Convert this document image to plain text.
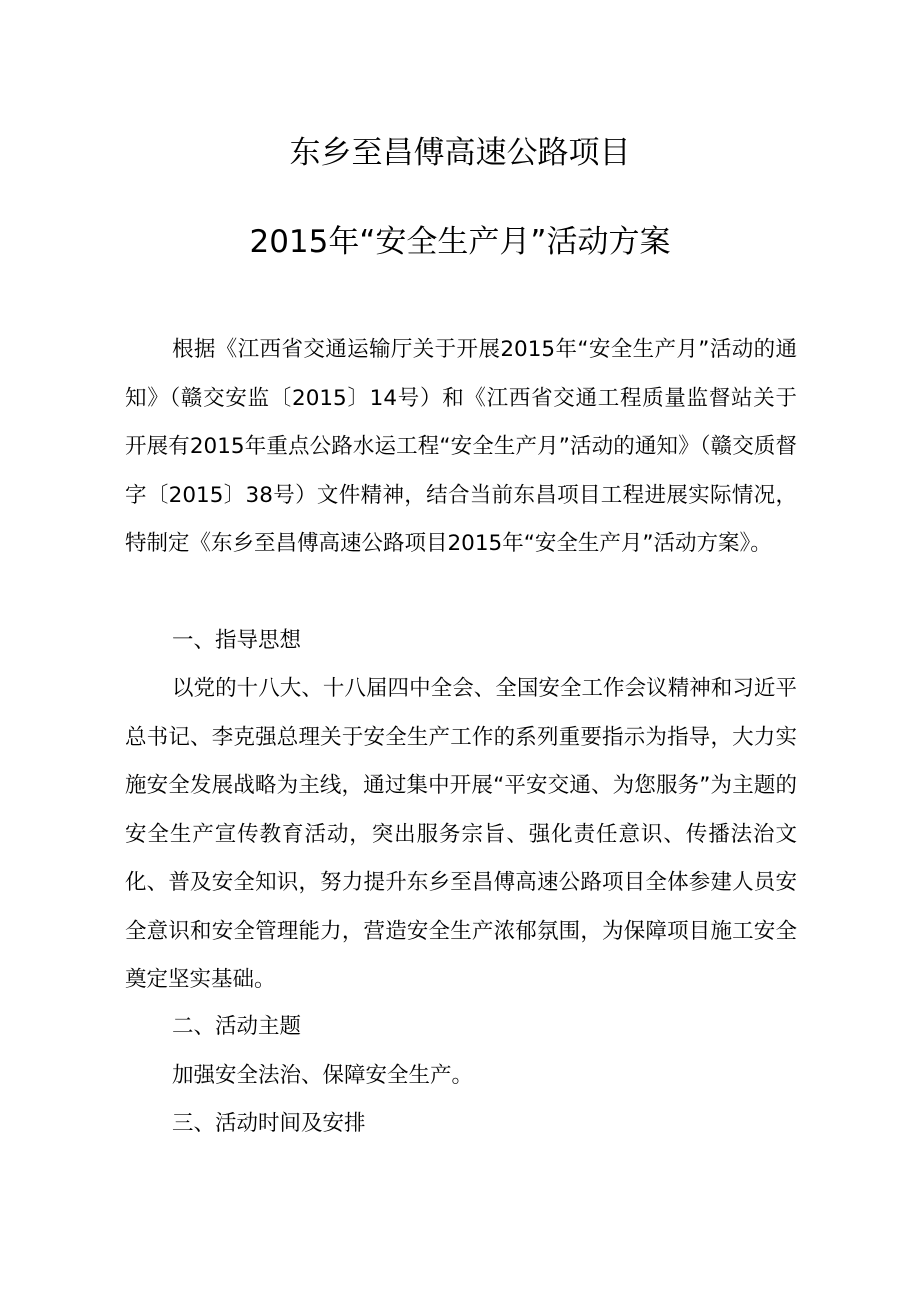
东乡至昌傅高速公路项目
2015年“安全生产月”活动方案
根据《江西省交通运输厅关于开展2015年“安全生产月”活动的通知》（赣交安监〔2015〕14号）和《江西省交通工程质量监督站关于开展有2015年重点公路水运工程“安全生产月”活动的通知》（赣交质督字〔2015〕38号）文件精神，结合当前东昌项目工程进展实际情况，特制定《东乡至昌傅高速公路项目2015年“安全生产月”活动方案》。
一、指导思想
以党的十八大、十八届四中全会、全国安全工作会议精神和习近平总书记、李克强总理关于安全生产工作的系列重要指示为指导，大力实施安全发展战略为主线，通过集中开展“平安交通、为您服务”为主题的安全生产宣传教育活动，突出服务宗旨、强化责任意识、传播法治文化、普及安全知识，努力提升东乡至昌傅高速公路项目全体参建人员安全意识和安全管理能力，营造安全生产浓郁氛围，为保障项目施工安全奠定坚实基础。
二、活动主题
加强安全法治、保障安全生产。
三、活动时间及安排
